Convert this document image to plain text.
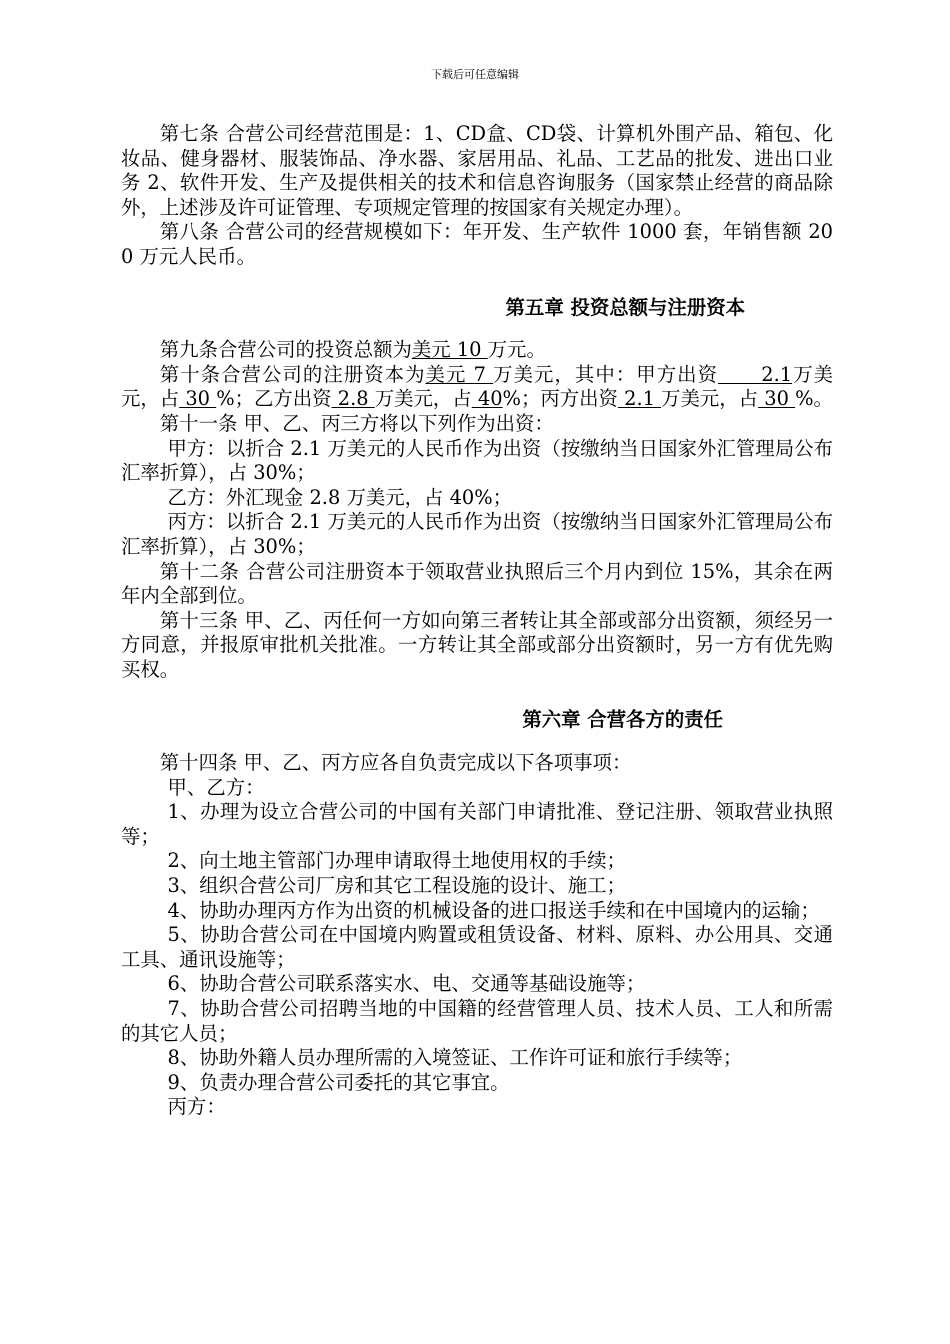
下载后可任意编辑

第七条 合营公司经营范围是：1、CD盒、CD袋、计算机外围产品、箱包、化妆品、健身器材、服装饰品、净水器、家居用品、礼品、工艺品的批发、进出口业务 2、软件开发、生产及提供相关的技术和信息咨询服务（国家禁止经营的商品除外，上述涉及许可证管理、专项规定管理的按国家有关规定办理）。

第八条 合营公司的经营规模如下：年开发、生产软件 1000 套，年销售额 200 万元人民币。

第五章 投资总额与注册资本

第九条合营公司的投资总额为美元 10 万元。

第十条合营公司的注册资本为美元 7 万美元，其中：甲方出资      2.1万美元，占 30 %；乙方出资 2.8 万美元，占 40%；丙方出资 2.1 万美元，占 30 %。

第十一条 甲、乙、丙三方将以下列作为出资：

甲方：以折合 2.1 万美元的人民币作为出资（按缴纳当日国家外汇管理局公布汇率折算），占 30%；

乙方：外汇现金 2.8 万美元，占 40%；

丙方：以折合 2.1 万美元的人民币作为出资（按缴纳当日国家外汇管理局公布汇率折算），占 30%；

第十二条 合营公司注册资本于领取营业执照后三个月内到位 15%，其余在两年内全部到位。

第十三条 甲、乙、丙任何一方如向第三者转让其全部或部分出资额，须经另一方同意，并报原审批机关批准。一方转让其全部或部分出资额时，另一方有优先购买权。

第六章 合营各方的责任

第十四条 甲、乙、丙方应各自负责完成以下各项事项：

甲、乙方：

1、办理为设立合营公司的中国有关部门申请批准、登记注册、领取营业执照等；

2、向土地主管部门办理申请取得土地使用权的手续；

3、组织合营公司厂房和其它工程设施的设计、施工；

4、协助办理丙方作为出资的机械设备的进口报送手续和在中国境内的运输；

5、协助合营公司在中国境内购置或租赁设备、材料、原料、办公用具、交通工具、通讯设施等；

6、协助合营公司联系落实水、电、交通等基础设施等；

7、协助合营公司招聘当地的中国籍的经营管理人员、技术人员、工人和所需的其它人员；

8、协助外籍人员办理所需的入境签证、工作许可证和旅行手续等；

9、负责办理合营公司委托的其它事宜。

丙方：
